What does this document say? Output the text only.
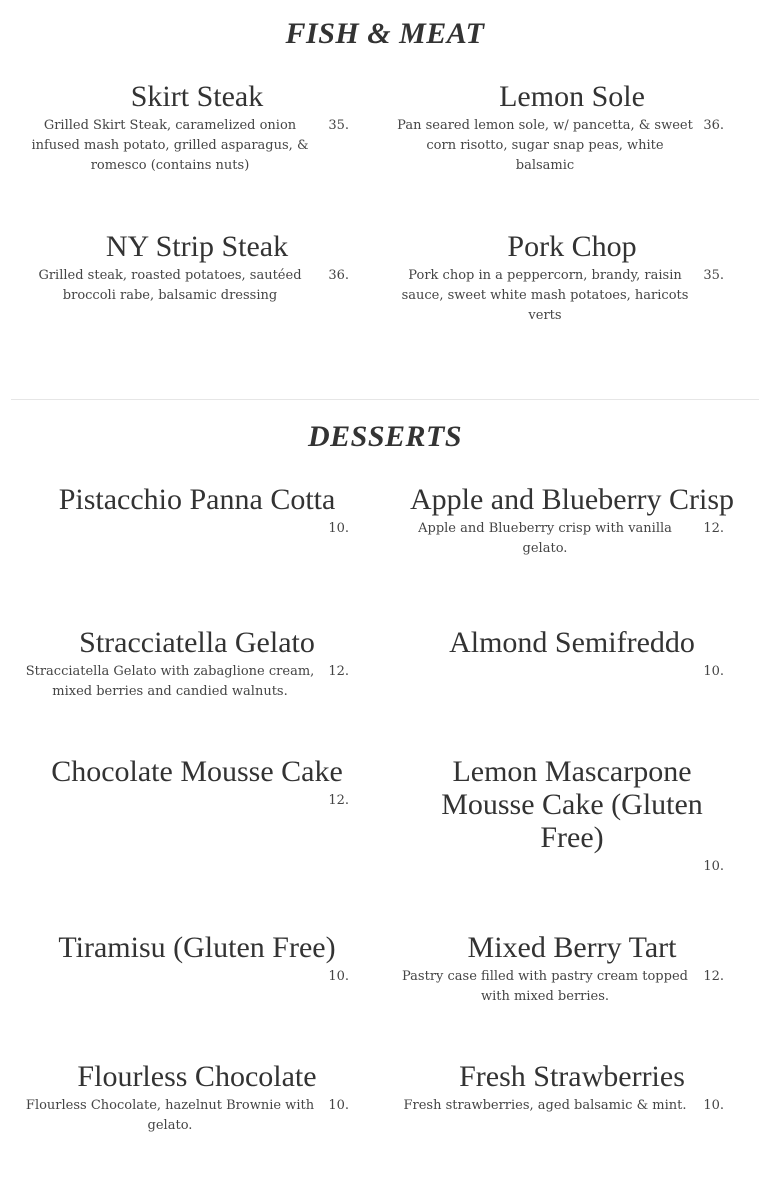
FISH & MEAT
Skirt Steak
Grilled Skirt Steak, caramelized onion infused mash potato, grilled asparagus, & romesco (contains nuts)
35.
Lemon Sole
Pan seared lemon sole, w/ pancetta, & sweet corn risotto, sugar snap peas, white balsamic
36.
NY Strip Steak
Grilled steak, roasted potatoes, sautéed broccoli rabe, balsamic dressing
36.
Pork Chop
Pork chop in a peppercorn, brandy, raisin sauce, sweet white mash potatoes, haricots verts
35.
DESSERTS
Pistacchio Panna Cotta
10.
Apple and Blueberry Crisp
Apple and Blueberry crisp with vanilla gelato.
12.
Stracciatella Gelato
Stracciatella Gelato with zabaglione cream, mixed berries and candied walnuts.
12.
Almond Semifreddo
10.
Chocolate Mousse Cake
12.
Lemon Mascarpone Mousse Cake (Gluten Free)
10.
Tiramisu (Gluten Free)
10.
Mixed Berry Tart
Pastry case filled with pastry cream topped with mixed berries.
12.
Flourless Chocolate
Flourless Chocolate, hazelnut Brownie with gelato.
10.
Fresh Strawberries
Fresh strawberries, aged balsamic & mint.	10.
